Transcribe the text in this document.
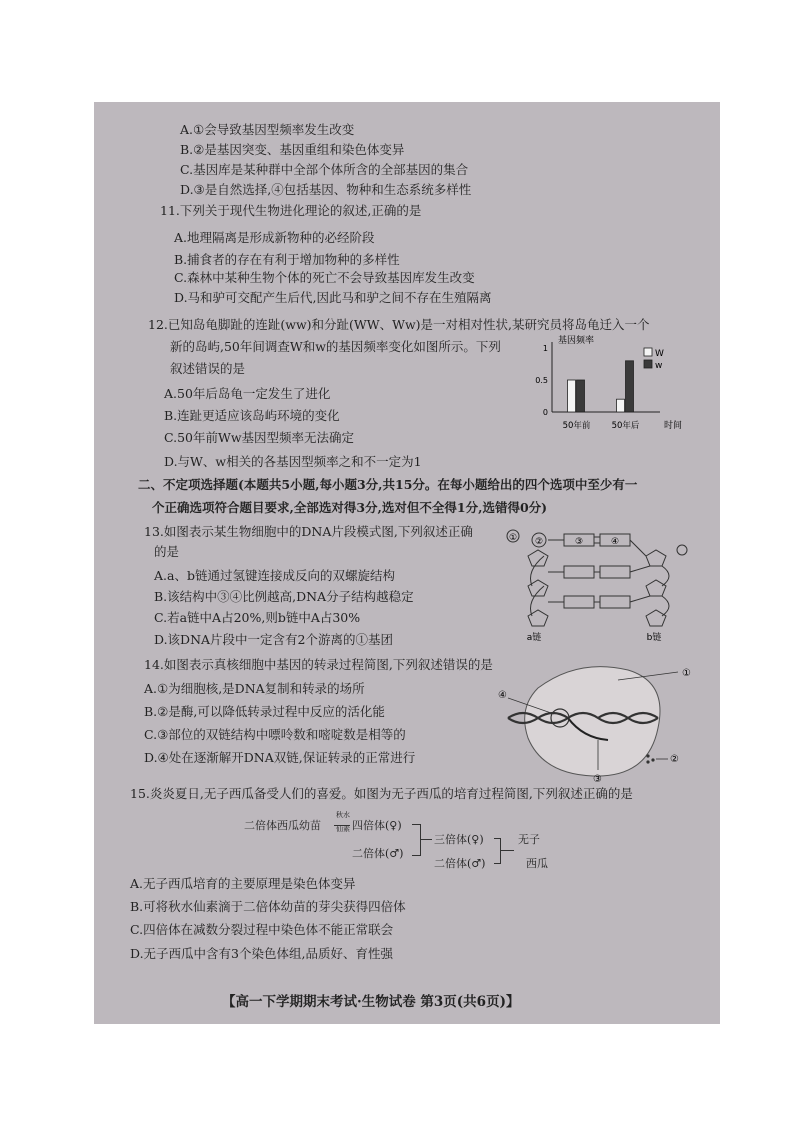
A.①会导致基因型频率发生改变
B.②是基因突变、基因重组和染色体变异
C.基因库是某种群中全部个体所含的全部基因的集合
D.③是自然选择,④包括基因、物种和生态系统多样性
11.下列关于现代生物进化理论的叙述,正确的是
A.地理隔离是形成新物种的必经阶段
B.捕食者的存在有利于增加物种的多样性
C.森林中某种生物个体的死亡不会导致基因库发生改变
D.马和驴可交配产生后代,因此马和驴之间不存在生殖隔离
12.已知岛龟脚趾的连趾(ww)和分趾(WW、Ww)是一对相对性状,某研究员将岛龟迁入一个
新的岛屿,50年间调查W和w的基因频率变化如图所示。下列
叙述错误的是
A.50年后岛龟一定发生了进化
B.连趾更适应该岛屿环境的变化
C.50年前Ww基因型频率无法确定
D.与W、w相关的各基因型频率之和不一定为1
基因频率
时间
1
0.5
0
50年前 50年后
W
w
二、不定项选择题(本题共5小题,每小题3分,共15分。在每小题给出的四个选项中至少有一
个正确选项符合题目要求,全部选对得3分,选对但不全得1分,选错得0分)
13.如图表示某生物细胞中的DNA片段模式图,下列叙述正确
的是
A.a、b链通过氢键连接成反向的双螺旋结构
B.该结构中③④比例越高,DNA分子结构越稳定
C.若a链中A占20%,则b链中A占30%
D.该DNA片段中一定含有2个游离的①基团
① ②	③	④
a链	b链
14.如图表示真核细胞中基因的转录过程简图,下列叙述错误的是
A.①为细胞核,是DNA复制和转录的场所
B.②是酶,可以降低转录过程中反应的活化能
C.③部位的双链结构中嘌呤数和嘧啶数是相等的
D.④处在逐渐解开DNA双链,保证转录的正常进行
①
②
③
④
15.炎炎夏日,无子西瓜备受人们的喜爱。如图为无子西瓜的培育过程简图,下列叙述正确的是
二倍体西瓜幼苗
秋水
仙素 四倍体(♀)
二倍体(♂)
三倍体(♀)
二倍体(♂)
无子
西瓜
A.无子西瓜培育的主要原理是染色体变异
B.可将秋水仙素滴于二倍体幼苗的芽尖获得四倍体
C.四倍体在减数分裂过程中染色体不能正常联会
D.无子西瓜中含有3个染色体组,品质好、育性强
【高一下学期期末考试·生物试卷 第3页(共6页)】
